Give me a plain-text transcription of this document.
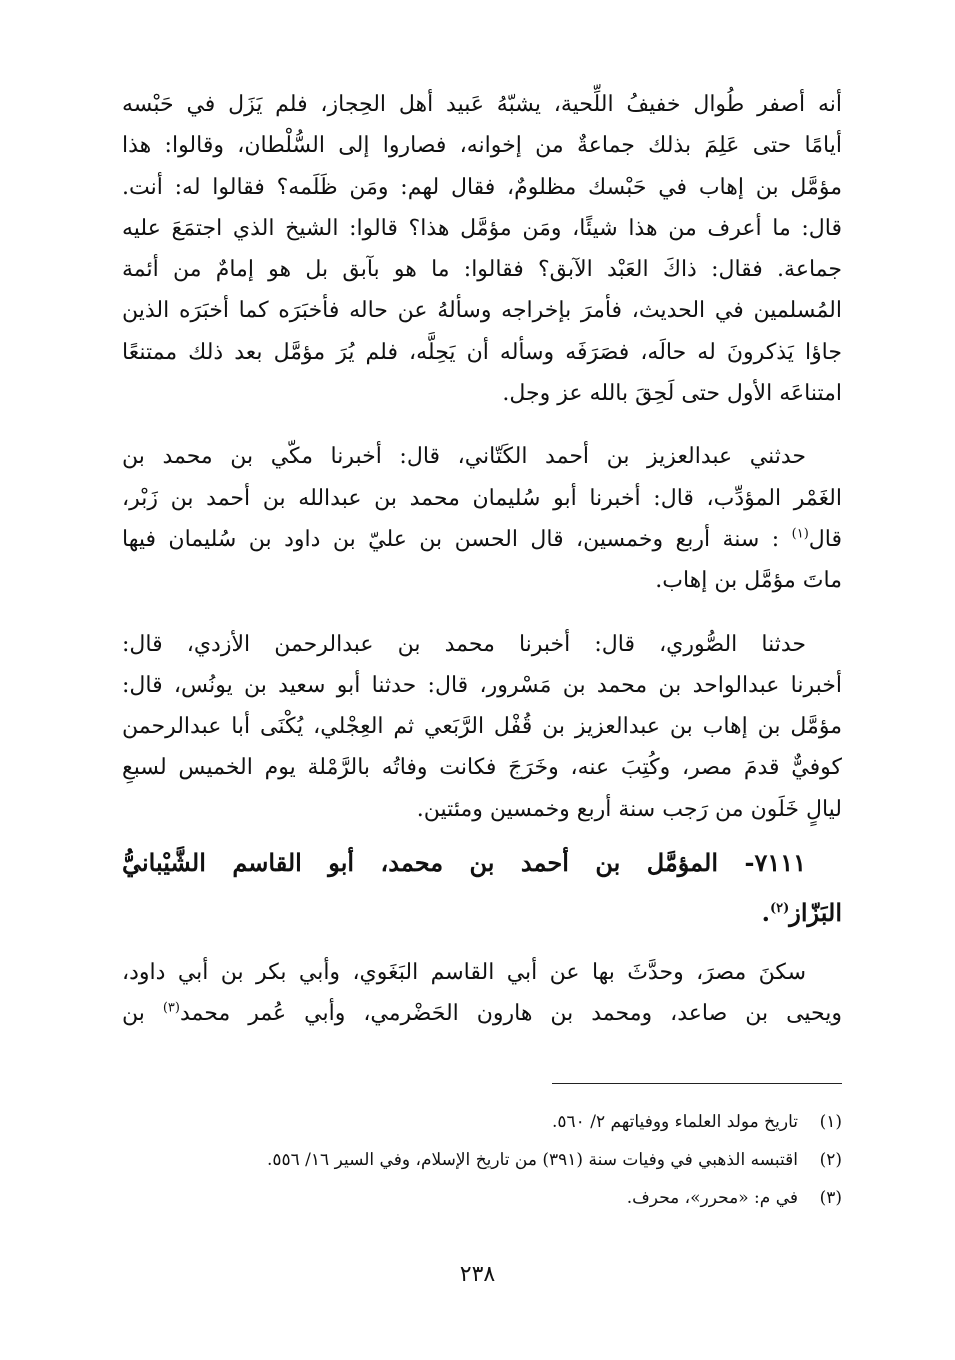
أنه أصفر طُوال خفيفُ اللِّحية، يشبّهُ عَبيد أهل الحِجاز، فلم يَزَل في حَبْسه
أيامًا حتى عَلِمَ بذلك جماعةٌ من إخوانه، فصاروا إلى السُّلْطان، وقالوا: هذا
مؤمَّل بن إهاب في حَبْسك مظلومٌ، فقال لهم: ومَن ظَلَمه؟ فقالوا له: أنت.
قال: ما أعرف من هذا شيئًا، ومَن مؤمَّل هذا؟ قالوا: الشيخ الذي اجتمَعَ عليه
جماعة. فقال: ذاكَ العَبْد الآبق؟ فقالوا: ما هو بآبق بل هو إمامٌ من أئمة
المُسلمين في الحديث، فأمرَ بإخراجه وسألهُ عن حاله فأخبَرَه كما أخبَرَه الذين
جاؤا يَذكرونَ له حالَه، فصَرَفَه وسأله أن يَحِلَّه، فلم يُرَ مؤمَّل بعد ذلك ممتنعًا
امتناعَه الأول حتى لَحِقَ بالله عز وجل.

حدثني عبدالعزيز بن أحمد الكَتّاني، قال: أخبرنا مكّي بن محمد بن
الغَمْر المؤدِّب، قال: أخبرنا أبو سُليمان محمد بن عبدالله بن أحمد بن زَبْر،
قال$^{(١)}$ : سنة أربع وخمسين، قال الحسن بن عليّ بن داود بن سُليمان فيها
ماتَ مؤمَّل بن إهاب.

حدثنا الصُّوري، قال: أخبرنا محمد بن عبدالرحمن الأزدي، قال:
أخبرنا عبدالواحد بن محمد بن مَسْرور، قال: حدثنا أبو سعيد بن يونُس، قال:
مؤمَّل بن إهاب بن عبدالعزيز بن قُفْل الرَّبَعي ثم العِجْلي، يُكْنَى أبا عبدالرحمن
كوفيٌّ قدمَ مصر، وكُتِبَ عنه، وخَرَجَ فكانت وفاتُه بالرَّمْلة يوم الخميس لسبعِ
ليالٍ خَلَون من رَجب سنة أربع وخمسين ومئتين.

٧١١١- المؤمَّل بن أحمد بن محمد، أبو القاسم الشَّيْبانيُّ
البَزّاز$^{(٢)}$.

سكنَ مصرَ، وحدَّثَ بها عن أبي القاسم البَغَوي، وأبي بكر بن أبي داود،
ويحيى بن صاعد، ومحمد بن هارون الحَضْرمي، وأبي عُمر محمد$^{(٣)}$ بن

(١)تاريخ مولد العلماء ووفياتهم ٢/ ٥٦٠.
(٢)اقتبسه الذهبي في وفيات سنة (٣٩١) من تاريخ الإسلام، وفي السير ١٦/ ٥٥٦.
(٣)في م: «محرر»، محرف.
٢٣٨
